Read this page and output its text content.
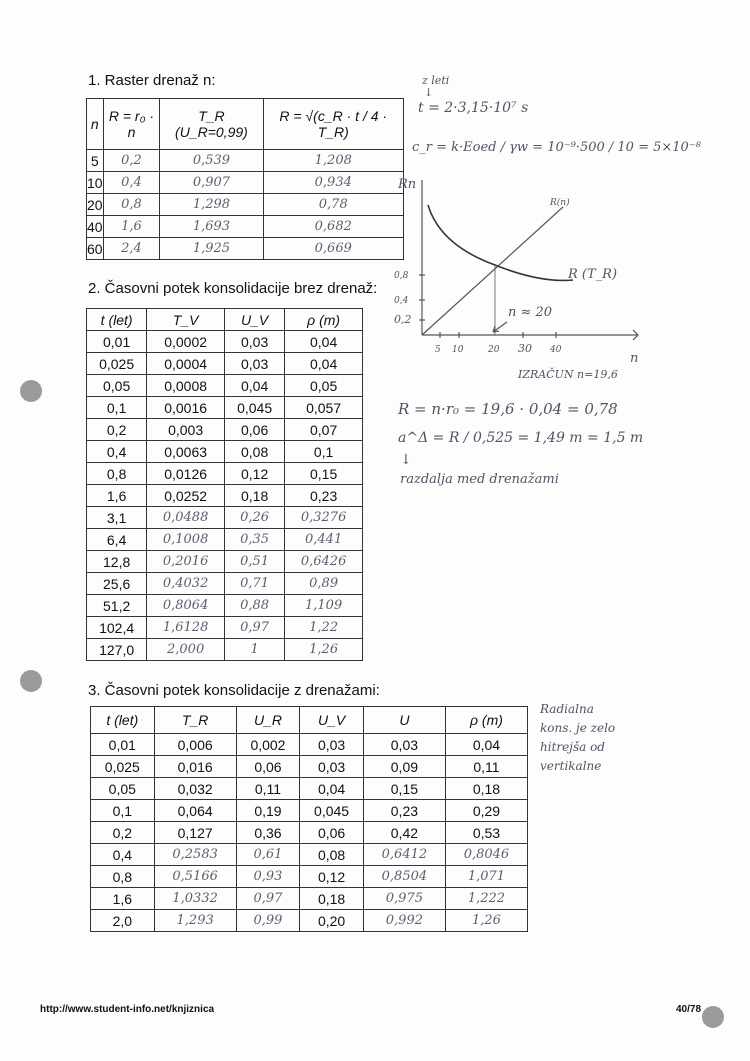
1. Raster drenaž n:
n	R = r₀ · n	T_R (U_R=0,99)	R = √(c_R · t / 4 · T_R)
5	0,2	0,539	1,208
10	0,4	0,907	0,934
20	0,8	1,298	0,78
40	1,6	1,693	0,682
60	2,4	1,925	0,669
2. Časovni potek konsolidacije brez drenaž:
t (let)	T_V	U_V	ρ (m)
0,01	0,0002	0,03	0,04
0,025	0,0004	0,03	0,04
0,05	0,0008	0,04	0,05
0,1	0,0016	0,045	0,057
0,2	0,003	0,06	0,07
0,4	0,0063	0,08	0,1
0,8	0,0126	0,12	0,15
1,6	0,0252	0,18	0,23
3,1	0,0488	0,26	0,3276
6,4	0,1008	0,35	0,441
12,8	0,2016	0,51	0,6426
25,6	0,4032	0,71	0,89
51,2	0,8064	0,88	1,109
102,4	1,6128	0,97	1,22
127,0	2,000	1	1,26
3. Časovni potek konsolidacije z drenažami:
t (let)	T_R	U_R	U_V	U	ρ (m)
0,01	0,006	0,002	0,03	0,03	0,04
0,025	0,016	0,06	0,03	0,09	0,11
0,05	0,032	0,11	0,04	0,15	0,18
0,1	0,064	0,19	0,045	0,23	0,29
0,2	0,127	0,36	0,06	0,42	0,53
0,4	0,2583	0,61	0,08	0,6412	0,8046
0,8	0,5166	0,93	0,12	0,8504	1,071
1,6	1,0332	0,97	0,18	0,975	1,222
2,0	1,293	0,99	0,20	0,992	1,26
z leti
↓
t = 2·3,15·10⁷ s
c_r = k·Eoed / γw = 10⁻⁹·500 / 10 = 5×10⁻⁸
Rn
n
R(n)
R (T_R)
0,8
0,4
0,2
5 10	20 30 40
n ≈ 20
IZRAČUN n=19,6
R = n·r₀ = 19,6 · 0,04 = 0,78
a^Δ = R / 0,525 = 1,49 m = 1,5 m
↓
razdalja med drenažami
Radialna
kons. je zelo
hitrejša od
vertikalne
http://www.student-info.net/knjiznica	40/78
